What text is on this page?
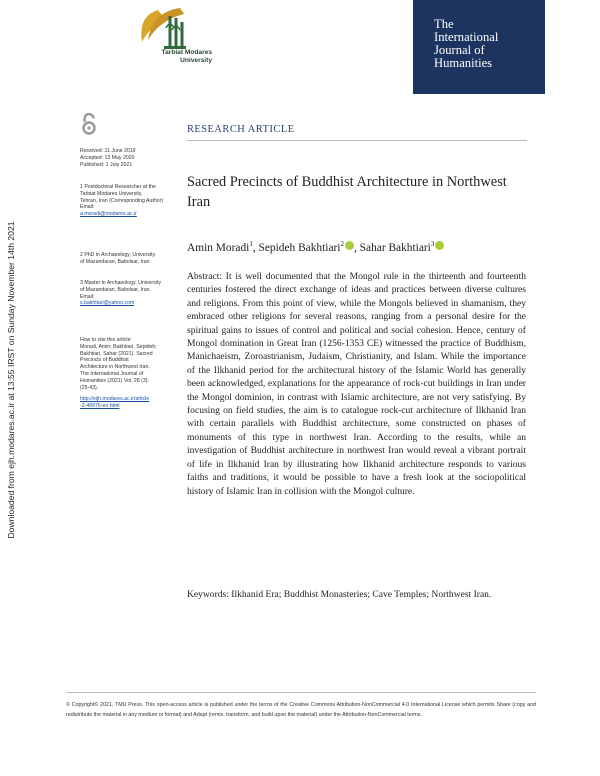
Downloaded from ejh.modares.ac.ir at 13:55 IRST on Sunday November 14th 2021
Tarbiat Modares
University
The
International
Journal of
Humanities
Received: 11 June 2019
Accepted: 13 May 2020
Published: 1 July 2021
1 Postdoctoral Researcher at the
Tarbiat Modares University,
Tehran, Iran (Corresponding Author)
Email:
a.moradi@modares.ac.ir
2 PhD in Archaeology, University
of Mazandaran, Babolsar, Iran
3 Master in Archaeology, University
of Mazandaran, Babolsar, Iran
Email:
s.bakhtiari@yahoo.com
How to cite this article:
Moradi, Amin; Bakhtiari, Sepideh;
Bakhtiari, Sahar (2021). Sacred
Precincts of Buddhist
Architecture in Northwest Iran,
The International Journal of
Humanities (2021) Vol. 28 (3):
(25-43).
http://eijh.modares.ac.ir/article
-2-48976-en.html
RESEARCH ARTICLE
Sacred Precincts of Buddhist Architecture in Northwest Iran
Amin Moradi$^1$, Sepideh Bakhtiari$^2$ , Sahar Bakhtiari$^3$
Abstract: It is well documented that the Mongol rule in the thirteenth and fourteenth centuries fostered the direct exchange of ideas and practices between diverse cultures and religions. From this point of view, while the Mongols believed in shamanism, they embraced other religions for several reasons, ranging from a personal desire for the spiritual gains to issues of control and political and social cohesion. Hence, century of Mongol domination in Great Iran (1256-1353 CE) witnessed the practice of Buddhism, Manichaeism, Zoroastrianism, Judaism, Christianity, and Islam. While the importance of the Ilkhanid period for the architectural history of the Islamic World has generally been acknowledged, explanations for the appearance of rock-cut buildings in Iran under the Mongol dominion, in contrast with Islamic architecture, are not very satisfying. By focusing on field studies, the aim is to catalogue rock-cut architecture of Ilkhanid Iran with certain parallels with Buddhist architecture, some constructed on phases of monuments of this type in northwest Iran. According to the results, while an investigation of Buddhist architecture in northwest Iran would reveal a vibrant portrait of life in Ilkhanid Iran by illustrating how Ilkhanid architecture responds to various faiths and traditions, it would be possible to have a fresh look at the sociopolitical history of Islamic Iran in collision with the Mongol culture.
Keywords: Ilkhanid Era; Buddhist Monasteries; Cave Temples; Northwest Iran.
© Copyright© 2021, TMU Press. This open-access article is published under the terms of the Creative Commons Attribution-NonCommercial 4.0 International License which permits Share (copy and redistribute the material in any medium or format) and Adapt (remix, transform, and build upon the material) under the Attribution-NonCommercial terms.
